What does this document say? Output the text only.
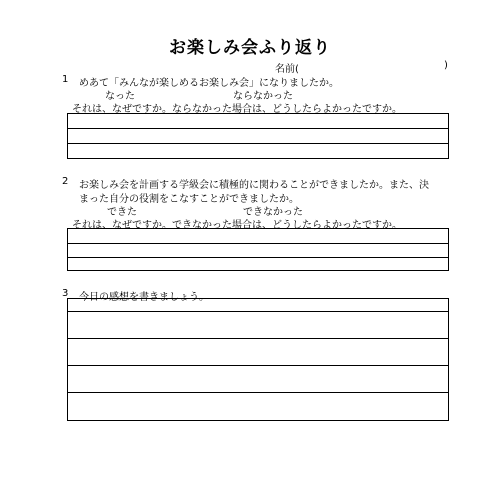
お楽しみ会ふり返り
名前(	)
1 めあて「みんなが楽しめるお楽しみ会」になりましたか。
なった	ならなかった
それは、なぜですか。ならなかった場合は、どうしたらよかったですか。
2 お楽しみ会を計画する学級会に積極的に関わることができましたか。また、決
まった自分の役割をこなすことができましたか。
できた	できなかった
それは、なぜですか。できなかった場合は、どうしたらよかったですか。
3 今日の感想を書きましょう。
